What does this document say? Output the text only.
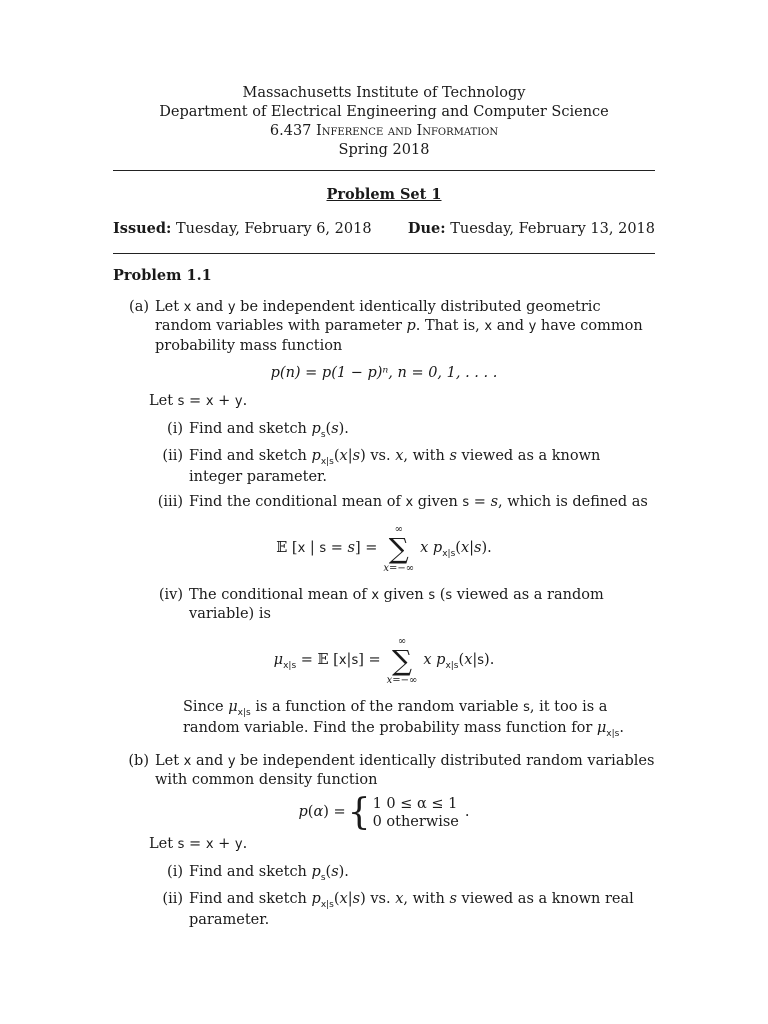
Massachusetts Institute of Technology
Department of Electrical Engineering and Computer Science
6.437 Inference and Information
Spring 2018
Problem Set 1
Issued: Tuesday, February 6, 2018	Due: Tuesday, February 13, 2018
Problem 1.1
(a) Let x and y be independent identically distributed geometric random variables with parameter p. That is, x and y have common probability mass function
p(n) = p(1 − p)ⁿ, n = 0, 1, . . . .
Let s = x + y.
(i) Find and sketch $p_s(s)$.
(ii) Find and sketch $p_{x|s}(x|s)$ vs. x, with s viewed as a known integer parameter.
(iii) Find the conditional mean of x given s = s, which is defined as
𝔼 [x | s = s] =
∞
∑
x=−∞
x $p_{x|s}(x|s)$.
(iv) The conditional mean of x given s (s viewed as a random variable) is
$\mu_{x|s}$ = 𝔼 [x|s] =
∞
∑
x=−∞
x $p_{x|s}(x|s)$.
Since $\mu_{x|s}$ is a function of the random variable s, it too is a random variable. Find the probability mass function for $\mu_{x|s}$.
(b) Let x and y be independent identically distributed random variables with common density function
p(α) = { 1 0 ≤ α ≤ 1
0 otherwise
.
Let s = x + y.
(i) Find and sketch $p_s(s)$.
(ii) Find and sketch $p_{x|s}(x|s)$ vs. x, with s viewed as a known real parameter.
